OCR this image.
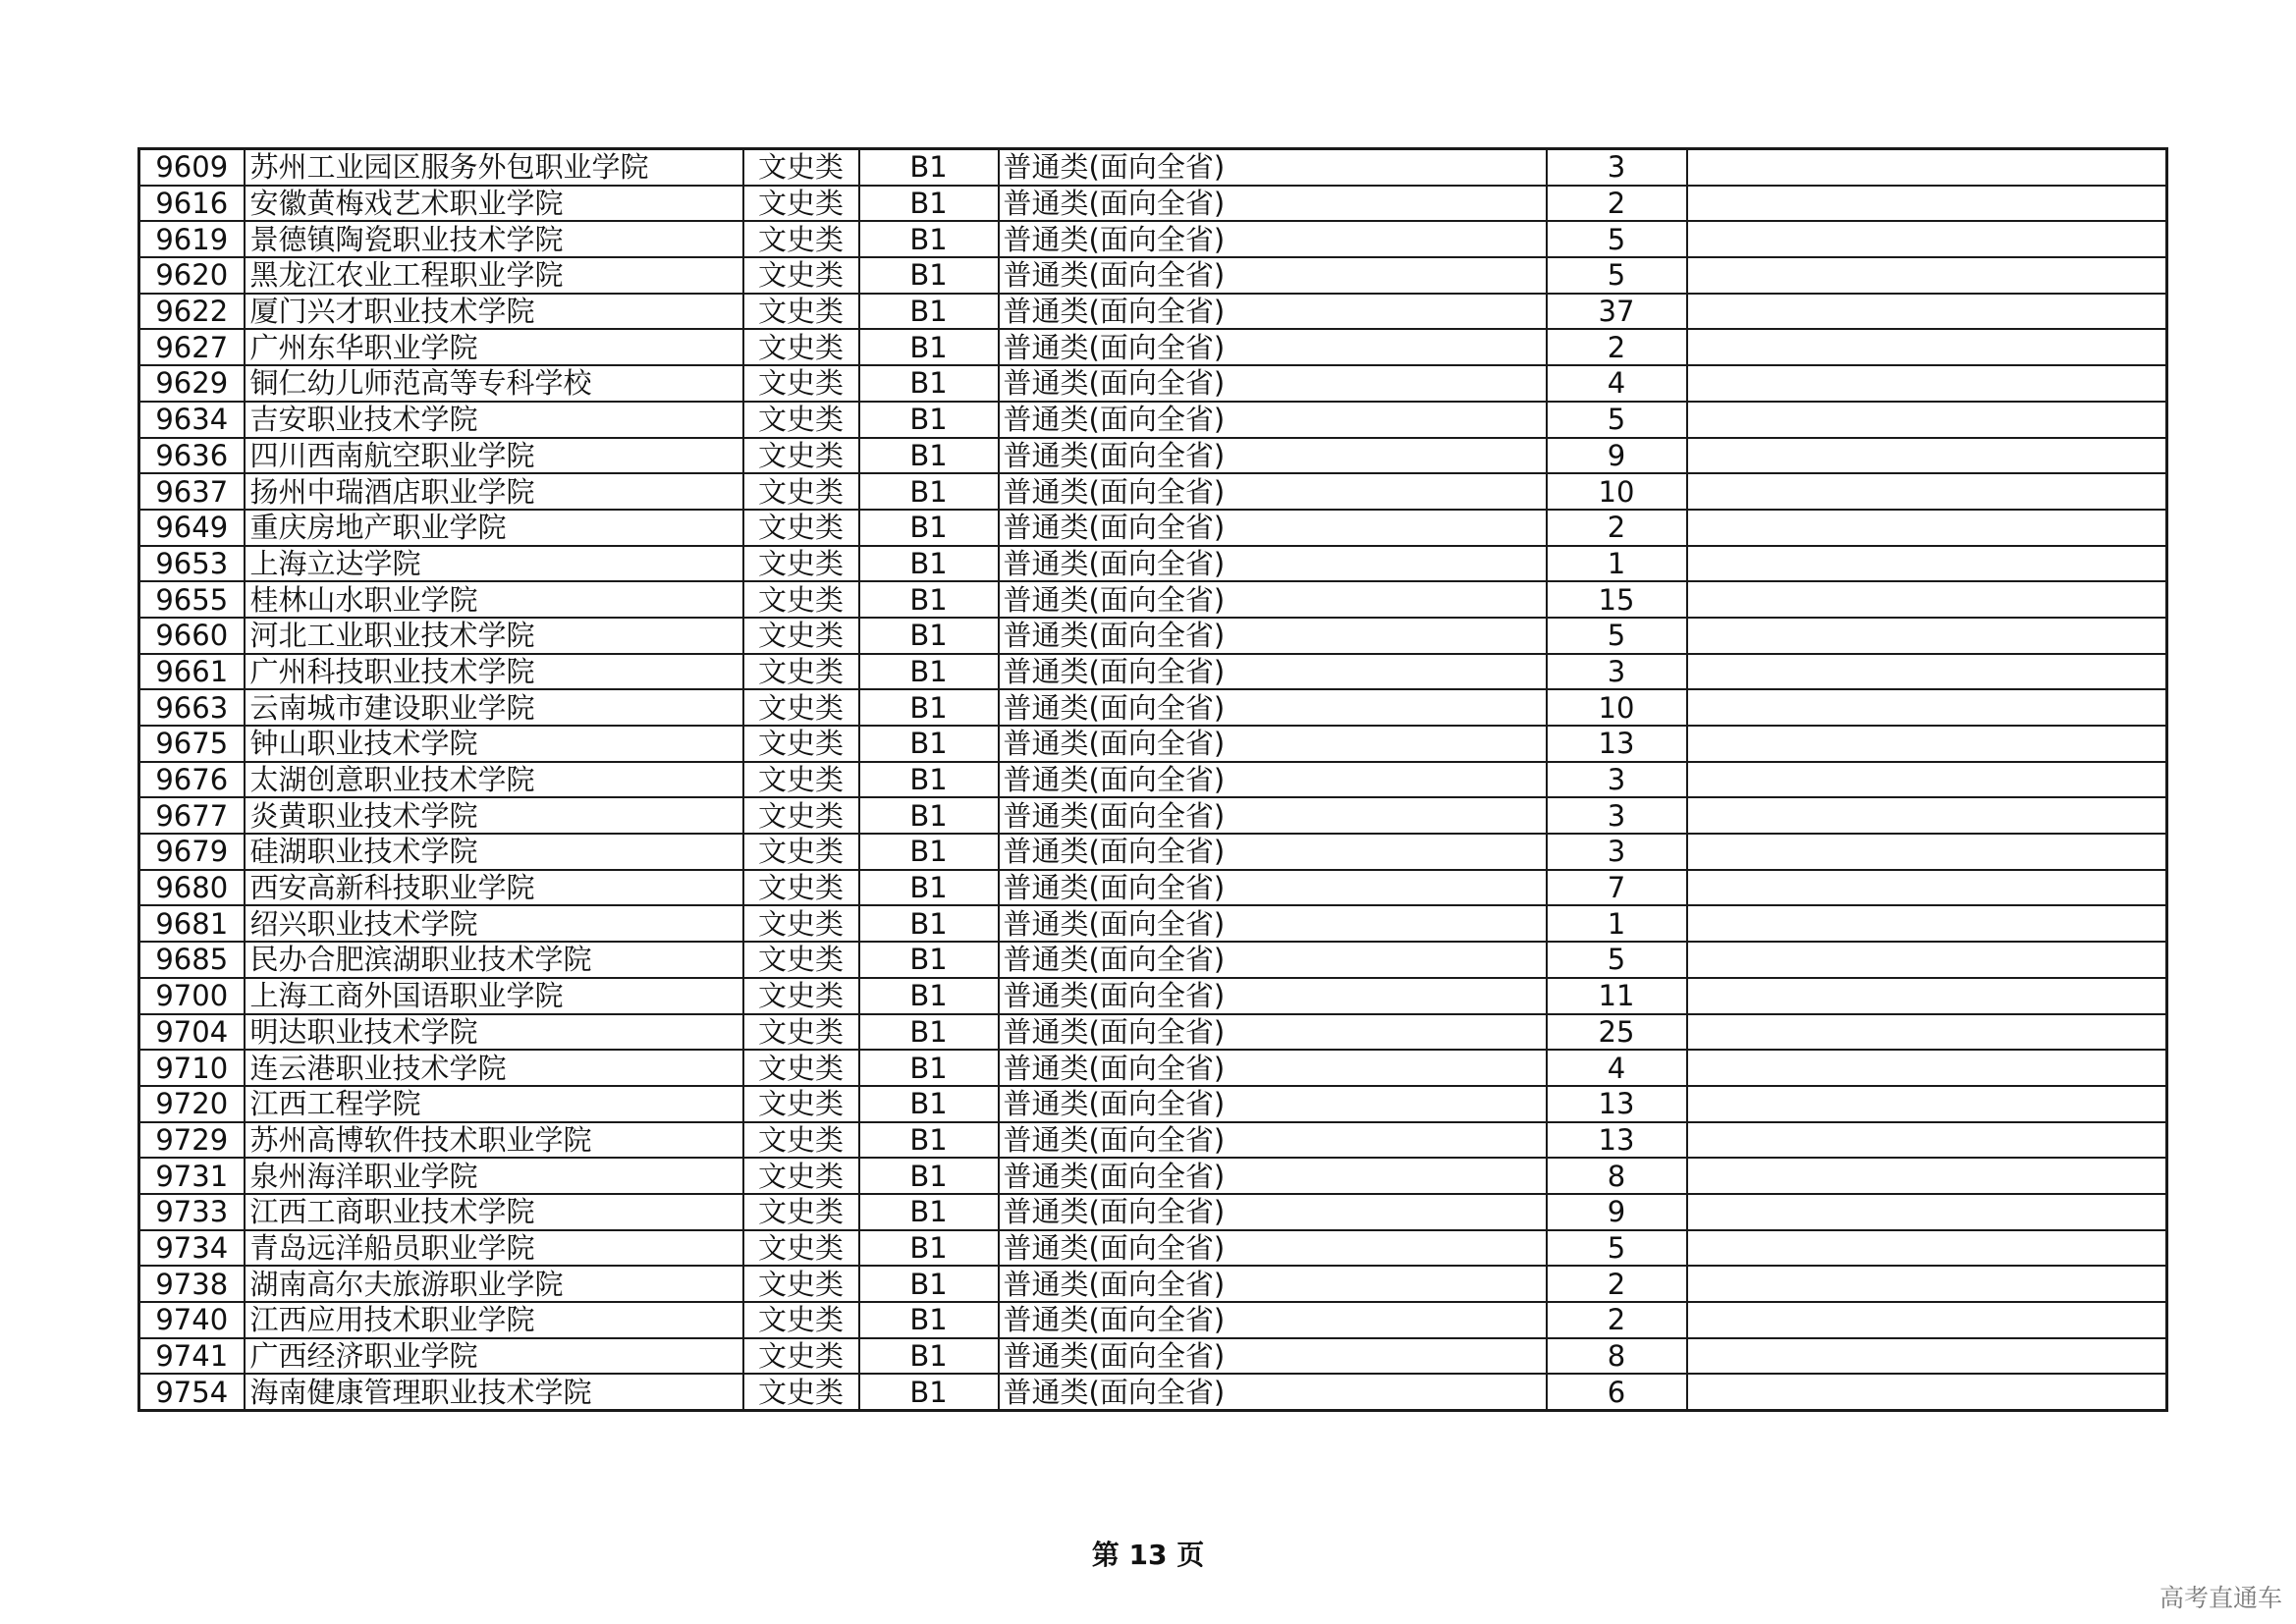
9609	苏州工业园区服务外包职业学院	文史类	B1	普通类(面向全省)	3	
9616	安徽黄梅戏艺术职业学院	文史类	B1	普通类(面向全省)	2	
9619	景德镇陶瓷职业技术学院	文史类	B1	普通类(面向全省)	5	
9620	黑龙江农业工程职业学院	文史类	B1	普通类(面向全省)	5	
9622	厦门兴才职业技术学院	文史类	B1	普通类(面向全省)	37	
9627	广州东华职业学院	文史类	B1	普通类(面向全省)	2	
9629	铜仁幼儿师范高等专科学校	文史类	B1	普通类(面向全省)	4	
9634	吉安职业技术学院	文史类	B1	普通类(面向全省)	5	
9636	四川西南航空职业学院	文史类	B1	普通类(面向全省)	9	
9637	扬州中瑞酒店职业学院	文史类	B1	普通类(面向全省)	10	
9649	重庆房地产职业学院	文史类	B1	普通类(面向全省)	2	
9653	上海立达学院	文史类	B1	普通类(面向全省)	1	
9655	桂林山水职业学院	文史类	B1	普通类(面向全省)	15	
9660	河北工业职业技术学院	文史类	B1	普通类(面向全省)	5	
9661	广州科技职业技术学院	文史类	B1	普通类(面向全省)	3	
9663	云南城市建设职业学院	文史类	B1	普通类(面向全省)	10	
9675	钟山职业技术学院	文史类	B1	普通类(面向全省)	13	
9676	太湖创意职业技术学院	文史类	B1	普通类(面向全省)	3	
9677	炎黄职业技术学院	文史类	B1	普通类(面向全省)	3	
9679	硅湖职业技术学院	文史类	B1	普通类(面向全省)	3	
9680	西安高新科技职业学院	文史类	B1	普通类(面向全省)	7	
9681	绍兴职业技术学院	文史类	B1	普通类(面向全省)	1	
9685	民办合肥滨湖职业技术学院	文史类	B1	普通类(面向全省)	5	
9700	上海工商外国语职业学院	文史类	B1	普通类(面向全省)	11	
9704	明达职业技术学院	文史类	B1	普通类(面向全省)	25	
9710	连云港职业技术学院	文史类	B1	普通类(面向全省)	4	
9720	江西工程学院	文史类	B1	普通类(面向全省)	13	
9729	苏州高博软件技术职业学院	文史类	B1	普通类(面向全省)	13	
9731	泉州海洋职业学院	文史类	B1	普通类(面向全省)	8	
9733	江西工商职业技术学院	文史类	B1	普通类(面向全省)	9	
9734	青岛远洋船员职业学院	文史类	B1	普通类(面向全省)	5	
9738	湖南高尔夫旅游职业学院	文史类	B1	普通类(面向全省)	2	
9740	江西应用技术职业学院	文史类	B1	普通类(面向全省)	2	
9741	广西经济职业学院	文史类	B1	普通类(面向全省)	8	
9754	海南健康管理职业技术学院	文史类	B1	普通类(面向全省)	6	
第 13 页
高考直通车
